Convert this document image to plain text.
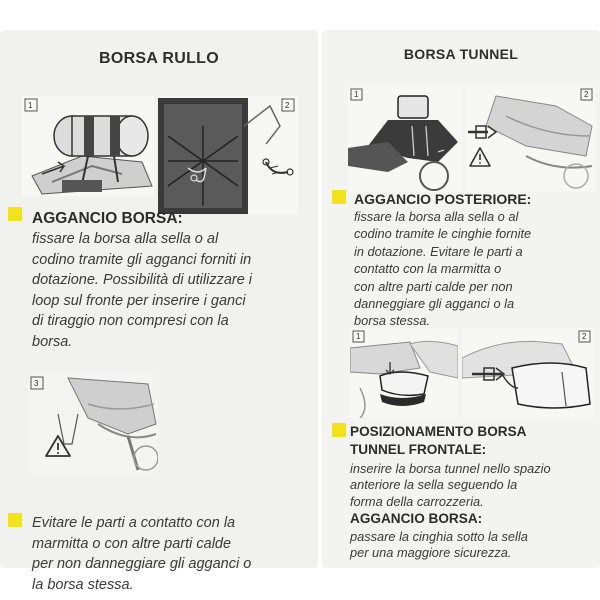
BORSA RULLO
1	2
AGGANCIO BORSA:
fissare la borsa alla sella o al
codino tramite gli agganci forniti in
dotazione. Possibilità di utilizzare i
loop sul fronte per inserire i ganci
di tiraggio non compresi con la
borsa.
3
Evitare le parti a contatto con la
marmitta o con altre parti calde
per non danneggiare gli agganci o
la borsa stessa.
BORSA TUNNEL
1	2
AGGANCIO POSTERIORE:
fissare la borsa alla sella o al
codino tramite le cinghie fornite
in dotazione. Evitare le parti a
contatto con la marmitta o
con altre parti calde per non
danneggiare gli agganci o la
borsa stessa.
1	2
POSIZIONAMENTO BORSA
TUNNEL FRONTALE:
inserire la borsa tunnel nello spazio
anteriore la sella seguendo la
forma della carrozzeria.
AGGANCIO BORSA:
passare la cinghia sotto la sella
per una maggiore sicurezza.
